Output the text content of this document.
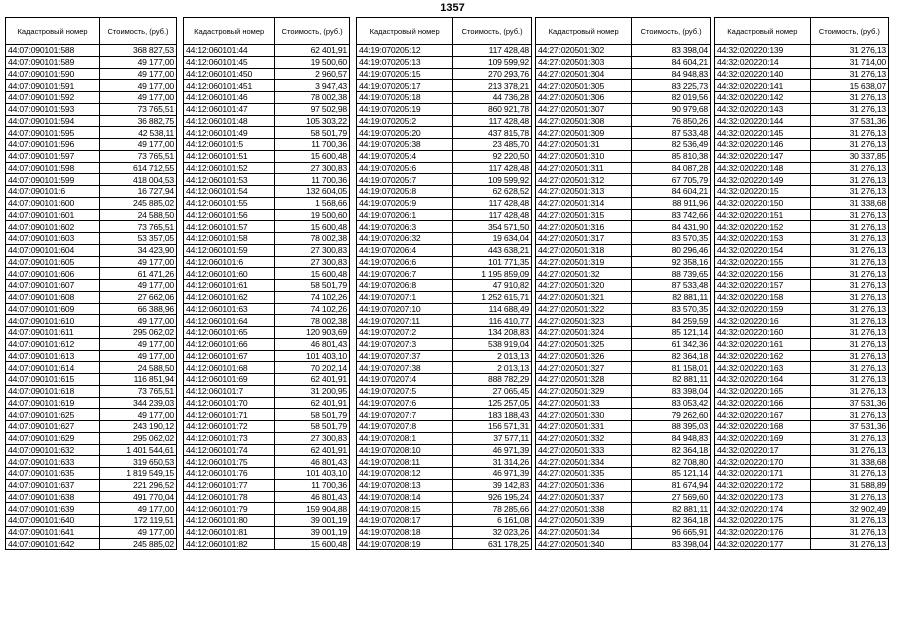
1357
Кадастровый номер	Стоимость, (руб.)
44:07:090101:588	368 827,53
44:07:090101:589	49 177,00
44:07:090101:590	49 177,00
44:07:090101:591	49 177,00
44:07:090101:592	49 177,00
44:07:090101:593	73 765,51
44:07:090101:594	36 882,75
44:07:090101:595	42 538,11
44:07:090101:596	49 177,00
44:07:090101:597	73 765,51
44:07:090101:598	614 712,55
44:07:090101:599	418 004,53
44:07:090101:6	16 727,94
44:07:090101:600	245 885,02
44:07:090101:601	24 588,50
44:07:090101:602	73 765,51
44:07:090101:603	53 357,05
44:07:090101:604	34 423,90
44:07:090101:605	49 177,00
44:07:090101:606	61 471,26
44:07:090101:607	49 177,00
44:07:090101:608	27 662,06
44:07:090101:609	66 388,96
44:07:090101:610	49 177,00
44:07:090101:611	295 062,02
44:07:090101:612	49 177,00
44:07:090101:613	49 177,00
44:07:090101:614	24 588,50
44:07:090101:615	116 851,94
44:07:090101:618	73 765,51
44:07:090101:619	344 239,03
44:07:090101:625	49 177,00
44:07:090101:627	243 190,12
44:07:090101:629	295 062,02
44:07:090101:632	1 401 544,61
44:07:090101:633	319 650,53
44:07:090101:635	1 819 549,15
44:07:090101:637	221 296,52
44:07:090101:638	491 770,04
44:07:090101:639	49 177,00
44:07:090101:640	172 119,51
44:07:090101:641	49 177,00
44:07:090101:642	245 885,02
Кадастровый номер	Стоимость, (руб.)
44:12:060101:44	62 401,91
44:12:060101:45	19 500,60
44:12:060101:450	2 960,57
44:12:060101:451	3 947,43
44:12:060101:46	78 002,38
44:12:060101:47	97 502,98
44:12:060101:48	105 303,22
44:12:060101:49	58 501,79
44:12:060101:5	11 700,36
44:12:060101:51	15 600,48
44:12:060101:52	27 300,83
44:12:060101:53	11 700,36
44:12:060101:54	132 604,05
44:12:060101:55	1 568,66
44:12:060101:56	19 500,60
44:12:060101:57	15 600,48
44:12:060101:58	78 002,38
44:12:060101:59	27 300,83
44:12:060101:6	27 300,83
44:12:060101:60	15 600,48
44:12:060101:61	58 501,79
44:12:060101:62	74 102,26
44:12:060101:63	74 102,26
44:12:060101:64	78 002,38
44:12:060101:65	120 903,69
44:12:060101:66	46 801,43
44:12:060101:67	101 403,10
44:12:060101:68	70 202,14
44:12:060101:69	62 401,91
44:12:060101:7	31 200,95
44:12:060101:70	62 401,91
44:12:060101:71	58 501,79
44:12:060101:72	58 501,79
44:12:060101:73	27 300,83
44:12:060101:74	62 401,91
44:12:060101:75	46 801,43
44:12:060101:76	101 403,10
44:12:060101:77	11 700,36
44:12:060101:78	46 801,43
44:12:060101:79	159 904,88
44:12:060101:80	39 001,19
44:12:060101:81	39 001,19
44:12:060101:82	15 600,48
Кадастровый номер	Стоимость, (руб.)
44:19:070205:12	117 428,48
44:19:070205:13	109 599,92
44:19:070205:15	270 293,76
44:19:070205:17	213 378,21
44:19:070205:18	44 736,28
44:19:070205:19	860 921,78
44:19:070205:2	117 428,48
44:19:070205:20	437 815,78
44:19:070205:38	23 485,70
44:19:070205:4	92 220,50
44:19:070205:6	117 428,48
44:19:070205:7	109 599,92
44:19:070205:8	62 628,52
44:19:070205:9	117 428,48
44:19:070206:1	117 428,48
44:19:070206:3	354 571,50
44:19:070206:32	19 634,04
44:19:070206:4	443 638,21
44:19:070206:6	101 771,35
44:19:070206:7	1 195 859,09
44:19:070206:8	47 910,82
44:19:070207:1	1 252 615,71
44:19:070207:10	114 688,49
44:19:070207:11	116 410,77
44:19:070207:2	134 208,83
44:19:070207:3	538 919,04
44:19:070207:37	2 013,13
44:19:070207:38	2 013,13
44:19:070207:4	888 782,29
44:19:070207:5	27 065,45
44:19:070207:6	125 257,05
44:19:070207:7	183 188,43
44:19:070207:8	156 571,31
44:19:070208:1	37 577,11
44:19:070208:10	46 971,39
44:19:070208:11	31 314,26
44:19:070208:12	46 971,39
44:19:070208:13	39 142,83
44:19:070208:14	926 195,24
44:19:070208:15	78 285,66
44:19:070208:17	6 161,08
44:19:070208:18	32 023,26
44:19:070208:19	631 178,25
Кадастровый номер	Стоимость, (руб.)
44:27:020501:302	83 398,04
44:27:020501:303	84 604,21
44:27:020501:304	84 948,83
44:27:020501:305	83 225,73
44:27:020501:306	82 019,56
44:27:020501:307	90 979,68
44:27:020501:308	76 850,26
44:27:020501:309	87 533,48
44:27:020501:31	82 536,49
44:27:020501:310	85 810,38
44:27:020501:311	84 087,28
44:27:020501:312	67 705,79
44:27:020501:313	84 604,21
44:27:020501:314	88 911,96
44:27:020501:315	83 742,66
44:27:020501:316	84 431,90
44:27:020501:317	83 570,35
44:27:020501:318	80 296,46
44:27:020501:319	92 358,16
44:27:020501:32	88 739,65
44:27:020501:320	87 533,48
44:27:020501:321	82 881,11
44:27:020501:322	83 570,35
44:27:020501:323	84 259,59
44:27:020501:324	85 121,14
44:27:020501:325	61 342,36
44:27:020501:326	82 364,18
44:27:020501:327	81 158,01
44:27:020501:328	82 881,11
44:27:020501:329	83 398,04
44:27:020501:33	83 053,42
44:27:020501:330	79 262,60
44:27:020501:331	88 395,03
44:27:020501:332	84 948,83
44:27:020501:333	82 364,18
44:27:020501:334	82 708,80
44:27:020501:335	85 121,14
44:27:020501:336	81 674,94
44:27:020501:337	27 569,60
44:27:020501:338	82 881,11
44:27:020501:339	82 364,18
44:27:020501:34	96 665,91
44:27:020501:340	83 398,04
Кадастровый номер	Стоимость, (руб.)
44:32:020220:139	31 276,13
44:32:020220:14	31 714,00
44:32:020220:140	31 276,13
44:32:020220:141	15 638,07
44:32:020220:142	31 276,13
44:32:020220:143	31 276,13
44:32:020220:144	37 531,36
44:32:020220:145	31 276,13
44:32:020220:146	31 276,13
44:32:020220:147	30 337,85
44:32:020220:148	31 276,13
44:32:020220:149	31 276,13
44:32:020220:15	31 276,13
44:32:020220:150	31 338,68
44:32:020220:151	31 276,13
44:32:020220:152	31 276,13
44:32:020220:153	31 276,13
44:32:020220:154	31 276,13
44:32:020220:155	31 276,13
44:32:020220:156	31 276,13
44:32:020220:157	31 276,13
44:32:020220:158	31 276,13
44:32:020220:159	31 276,13
44:32:020220:16	31 276,13
44:32:020220:160	31 276,13
44:32:020220:161	31 276,13
44:32:020220:162	31 276,13
44:32:020220:163	31 276,13
44:32:020220:164	31 276,13
44:32:020220:165	31 276,13
44:32:020220:166	37 531,36
44:32:020220:167	31 276,13
44:32:020220:168	37 531,36
44:32:020220:169	31 276,13
44:32:020220:17	31 276,13
44:32:020220:170	31 338,68
44:32:020220:171	31 276,13
44:32:020220:172	31 588,89
44:32:020220:173	31 276,13
44:32:020220:174	32 902,49
44:32:020220:175	31 276,13
44:32:020220:176	31 276,13
44:32:020220:177	31 276,13
